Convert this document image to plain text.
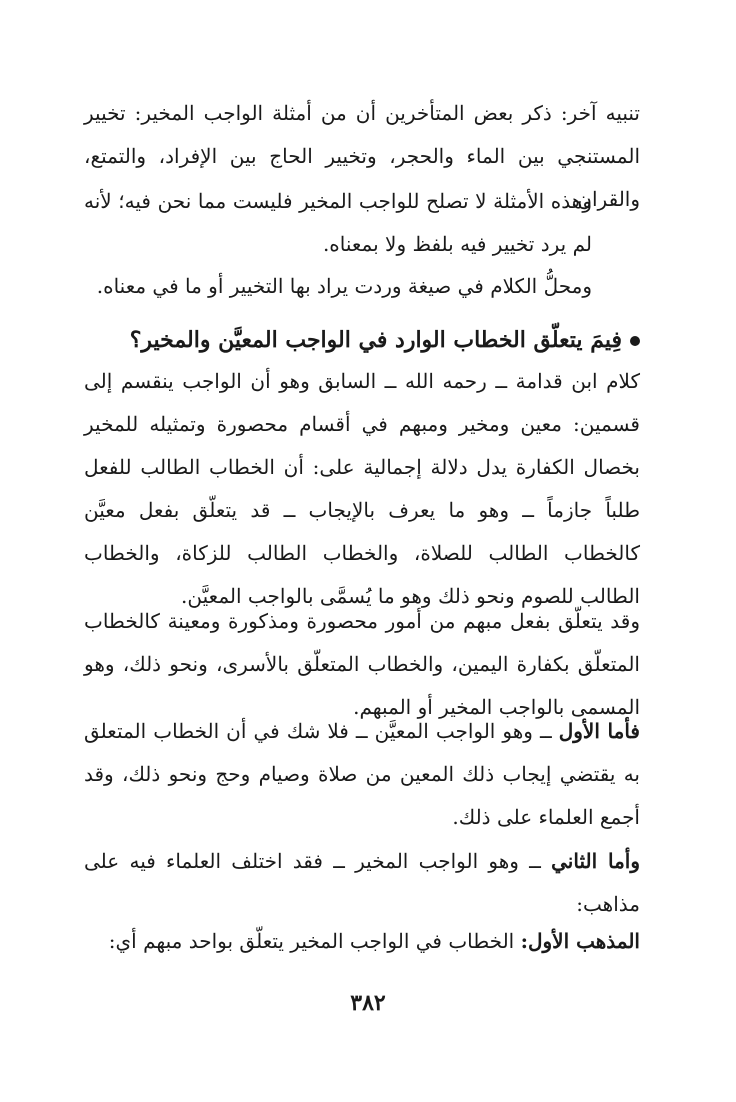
تنبيه آخر: ذكر بعض المتأخرين أن من أمثلة الواجب المخير: تخيير المستنجي بين الماء والحجر، وتخيير الحاج بين الإفراد، والتمتع، والقران.

وهذه الأمثلة لا تصلح للواجب المخير فليست مما نحن فيه؛ لأنه لم يرد تخيير فيه بلفظ ولا بمعناه.

ومحلُّ الكلام في صيغة وردت يراد بها التخيير أو ما في معناه.

فِيمَ يتعلّق الخطاب الوارد في الواجب المعيَّن والمخير؟

كلام ابن قدامة ــ رحمه الله ــ السابق وهو أن الواجب ينقسم إلى قسمين: معين ومخير ومبهم في أقسام محصورة وتمثيله للمخير بخصال الكفارة يدل دلالة إجمالية على: أن الخطاب الطالب للفعل طلباً جازماً ــ وهو ما يعرف بالإيجاب ــ قد يتعلّق بفعل معيَّن كالخطاب الطالب للصلاة، والخطاب الطالب للزكاة، والخطاب الطالب للصوم ونحو ذلك وهو ما يُسمَّى بالواجب المعيَّن.

وقد يتعلّق بفعل مبهم من أمور محصورة ومذكورة ومعينة كالخطاب المتعلّق بكفارة اليمين، والخطاب المتعلّق بالأسرى، ونحو ذلك، وهو المسمى بالواجب المخير أو المبهم.

فأما الأول ــ وهو الواجب المعيَّن ــ فلا شك في أن الخطاب المتعلق به يقتضي إيجاب ذلك المعين من صلاة وصيام وحج ونحو ذلك، وقد أجمع العلماء على ذلك.

وأما الثاني ــ وهو الواجب المخير ــ فقد اختلف العلماء فيه على مذاهب:

المذهب الأول: الخطاب في الواجب المخير يتعلّق بواحد مبهم أي:

٣٨٢
